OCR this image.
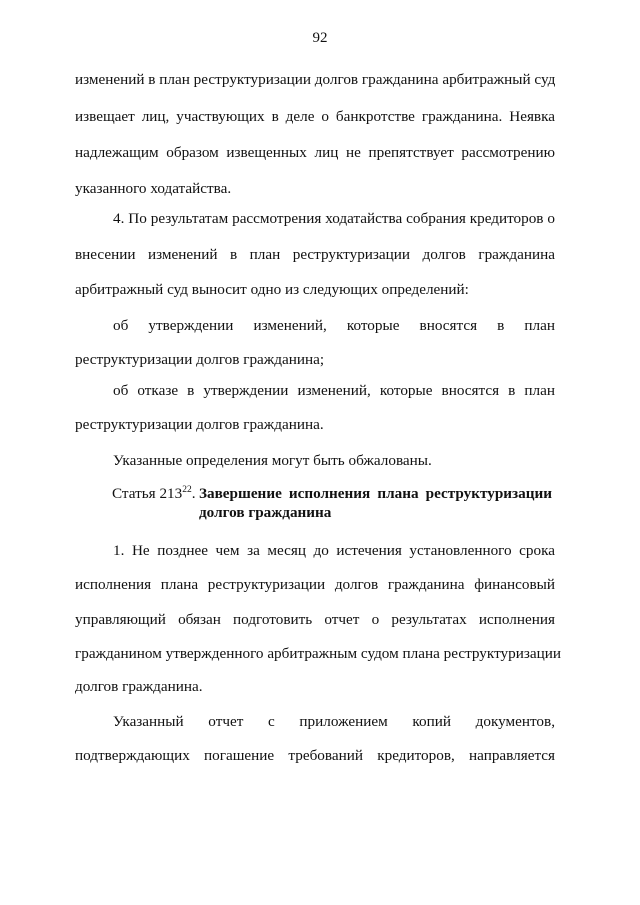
92
изменений в план реструктуризации долгов гражданина арбитражный суд
извещает лиц, участвующих в деле о банкротстве гражданина. Неявка
надлежащим образом извещенных лиц не препятствует рассмотрению
указанного ходатайства.
4. По результатам рассмотрения ходатайства собрания кредиторов о
внесении изменений в план реструктуризации долгов гражданина
арбитражный суд выносит одно из следующих определений:
об утверждении изменений, которые вносятся в план
реструктуризации долгов гражданина;
об отказе в утверждении изменений, которые вносятся в план
реструктуризации долгов гражданина.
Указанные определения могут быть обжалованы.
Статья $213^{22}$. Завершение исполнения плана реструктуризации
долгов гражданина
1. Не позднее чем за месяц до истечения установленного срока
исполнения плана реструктуризации долгов гражданина финансовый
управляющий обязан подготовить отчет о результатах исполнения
гражданином утвержденного арбитражным судом плана реструктуризации
долгов гражданина.
Указанный отчет с приложением копий документов,
подтверждающих погашение требований кредиторов, направляется
